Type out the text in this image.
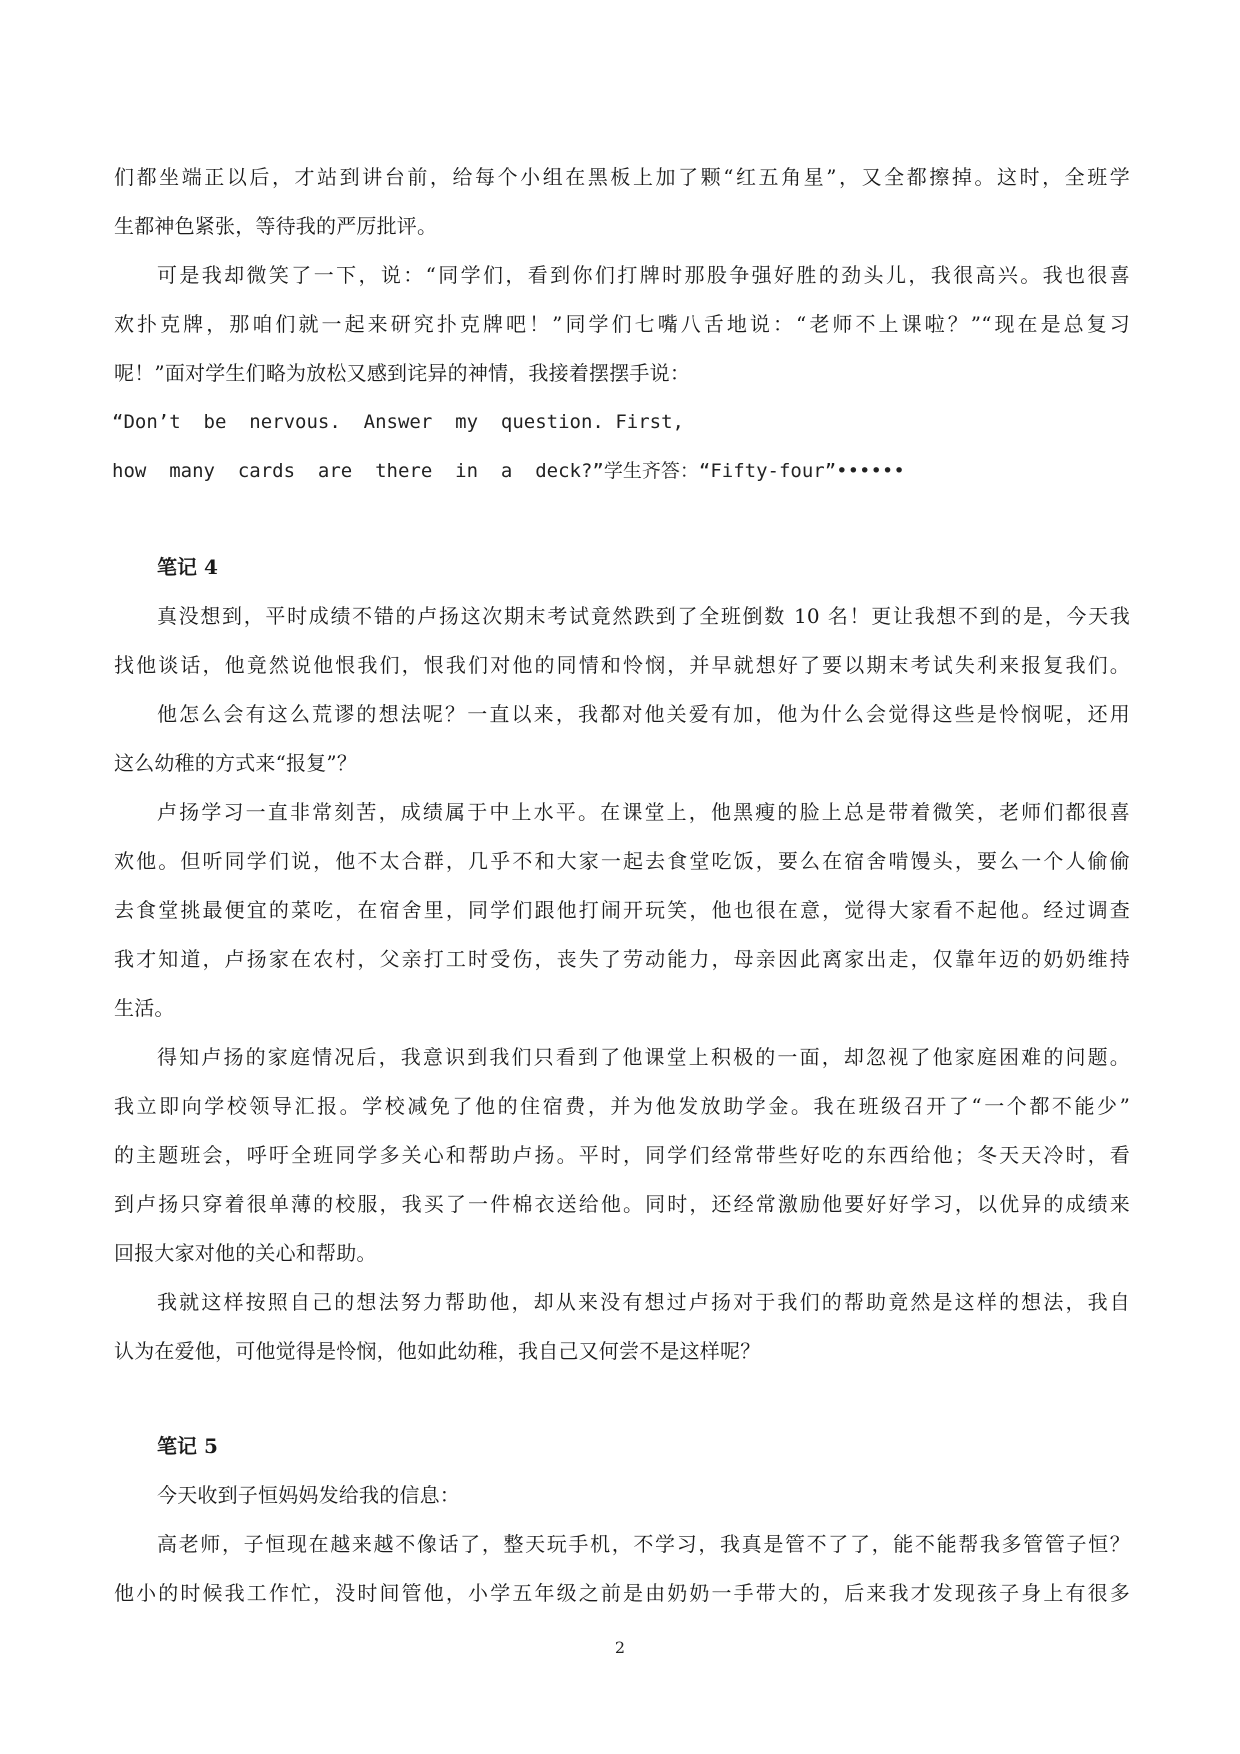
们都坐端正以后，才站到讲台前，给每个小组在黑板上加了颗“红五角星”，又全都擦掉。这时，全班学
生都神色紧张，等待我的严厉批评。
可是我却微笑了一下，说：“同学们，看到你们打牌时那股争强好胜的劲头儿，我很高兴。我也很喜
欢扑克牌，那咱们就一起来研究扑克牌吧！”同学们七嘴八舌地说：“老师不上课啦？”“现在是总复习
呢！”面对学生们略为放松又感到诧异的神情，我接着摆摆手说：
“Don’t  be  nervous.  Answer  my  question. First,
how  many  cards  are  there  in  a  deck?”学生齐答：“Fifty-four”••••••
笔记 4
真没想到，平时成绩不错的卢扬这次期末考试竟然跌到了全班倒数 10 名！更让我想不到的是，今天我
找他谈话，他竟然说他恨我们，恨我们对他的同情和怜悯，并早就想好了要以期末考试失利来报复我们。
他怎么会有这么荒谬的想法呢？一直以来，我都对他关爱有加，他为什么会觉得这些是怜悯呢，还用
这么幼稚的方式来“报复”？
卢扬学习一直非常刻苦，成绩属于中上水平。在课堂上，他黑瘦的脸上总是带着微笑，老师们都很喜
欢他。但听同学们说，他不太合群，几乎不和大家一起去食堂吃饭，要么在宿舍啃馒头，要么一个人偷偷
去食堂挑最便宜的菜吃，在宿舍里，同学们跟他打闹开玩笑，他也很在意，觉得大家看不起他。经过调查
我才知道，卢扬家在农村，父亲打工时受伤，丧失了劳动能力，母亲因此离家出走，仅靠年迈的奶奶维持
生活。
得知卢扬的家庭情况后，我意识到我们只看到了他课堂上积极的一面，却忽视了他家庭困难的问题。
我立即向学校领导汇报。学校减免了他的住宿费，并为他发放助学金。我在班级召开了“一个都不能少”
的主题班会，呼吁全班同学多关心和帮助卢扬。平时，同学们经常带些好吃的东西给他；冬天天冷时，看
到卢扬只穿着很单薄的校服，我买了一件棉衣送给他。同时，还经常激励他要好好学习，以优异的成绩来
回报大家对他的关心和帮助。
我就这样按照自己的想法努力帮助他，却从来没有想过卢扬对于我们的帮助竟然是这样的想法，我自
认为在爱他，可他觉得是怜悯，他如此幼稚，我自己又何尝不是这样呢？
笔记 5
今天收到子恒妈妈发给我的信息：
高老师，子恒现在越来越不像话了，整天玩手机，不学习，我真是管不了了，能不能帮我多管管子恒？
他小的时候我工作忙，没时间管他，小学五年级之前是由奶奶一手带大的，后来我才发现孩子身上有很多
2
